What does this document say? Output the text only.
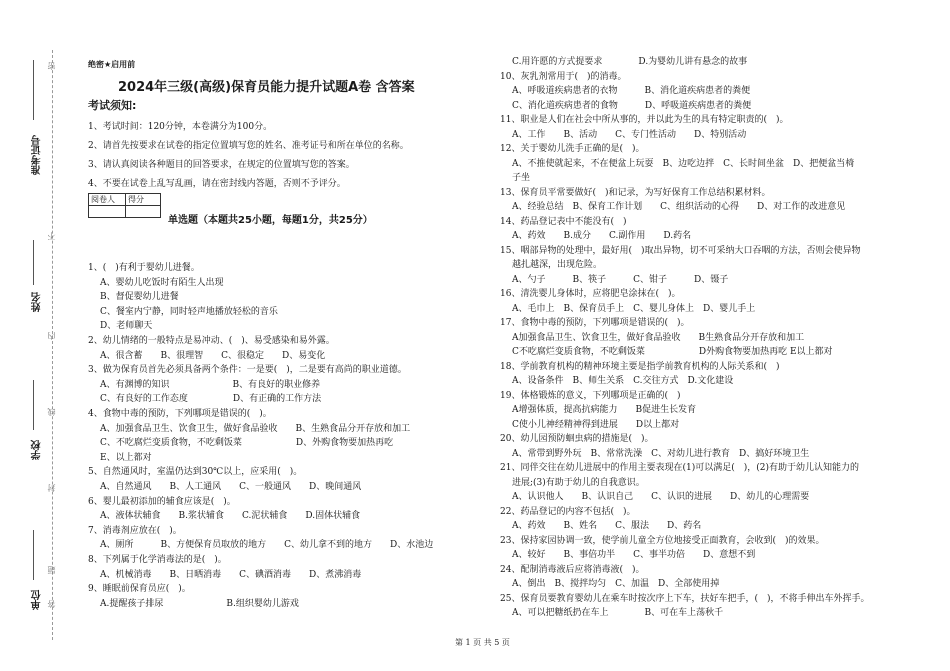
准考证号
姓名
学校
单位
密
不
内
线
封
题
答
绝密★启用前
2024年三级(高级)保育员能力提升试题A卷 含答案
考试须知:
1、考试时间：120分钟，本卷满分为100分。
2、请首先按要求在试卷的指定位置填写您的姓名、准考证号和所在单位的名称。
3、请认真阅读各种题目的回答要求，在规定的位置填写您的答案。
4、不要在试卷上乱写乱画，请在密封线内答题，否则不予评分。
阅卷人	得分

单选题（本题共25小题，每题1分，共25分）
1、(　)有利于婴幼儿进餐。
A、婴幼儿吃饭时有陌生人出现
B、督促婴幼儿进餐
C、餐室内宁静，同时轻声地播放轻松的音乐
D、老师聊天
2、幼儿情绪的一般特点是易冲动、(　)、易受感染和易外露。
A、很含蓄　　B、很理智　　C、很稳定　　D、易变化
3、做为保育员首先必须具备两个条件：一是要(　)，二是要有高尚的职业道德。
A、有渊博的知识　　　　　　　B、有良好的职业修养
C、有良好的工作态度　　　　　D、有正确的工作方法
4、食物中毒的预防，下列哪项是错误的(　)。
A、加强食品卫生、饮食卫生，做好食品验收　　B、生熟食品分开存放和加工
C、不吃腐烂变质食物，不吃剩饭菜　　　　　　D、外购食物要加热再吃
E、以上都对
5、自然通风时，室温仍达到30℃以上，应采用(　)。
A、自然通风　　B、人工通风　　C、一般通风　　D、晚间通风
6、婴儿最初添加的辅食应该是(　)。
A、液体状辅食　　B.浆状辅食　　C.泥状辅食　　D.固体状辅食
7、消毒剂应放在(　)。
A、厕所　　　B、方便保育员取放的地方　　C、幼儿拿不到的地方　　D、水池边
8、下列属于化学消毒法的是(　)。
A、机械消毒　　B、日晒消毒　　C、碘酒消毒　　D、煮沸消毒
9、睡眠前保育员应(　)。
A.提醒孩子排尿　　　　　　　B.组织婴幼儿游戏
C.用许愿的方式提要求　　　　D.为婴幼儿讲有悬念的故事
10、灰乳剂常用于(　)的消毒。
A、呼吸道疾病患者的衣物　　　B、消化道疾病患者的粪便
C、消化道疾病患者的食物　　　D、呼吸道疾病患者的粪便
11、职业是人们在社会中所从事的，并以此为生的具有特定职责的(　)。
A、工作　　B、活动　　C、专门性活动　　D、特别活动
12、关于婴幼儿洗手正确的是(　)。
A、不推使就起来，不在便盆上玩耍　B、边吃边拌　C、长时间坐盆　D、把便盆当椅
子坐
13、保育员平常要做好(　)和记录，为写好保育工作总结积累材料。
A、经验总结　B、保育工作计划　　C、组织活动的心得　　D、对工作的改进意见
14、药品登记表中不能没有(　)
A、药效　　B.成分　　C.副作用　　D.药名
15、咽部异物的处理中，最好用(　)取出异物，切不可采纳大口吞咽的方法，否则会使异物
越扎越深，出现危险。
A、勺子　　　B、筷子　　　C、钳子　　　D、镊子
16、清洗婴儿身体时，应将肥皂涂抹在(　)。
A、毛巾上　B、保育员手上　C、婴儿身体上　D、婴儿手上
17、食物中毒的预防，下列哪项是错误的(　)。
A加强食品卫生、饮食卫生，做好食品验收　　B生熟食品分开存放和加工
C不吃腐烂变质食物，不吃剩饭菜　　　　　　D外购食物要加热再吃 E以上都对
18、学前教育机构的精神环境主要是指学前教育机构的人际关系和(　)
A、设备条件　B、师生关系　C.交往方式　D.文化建设
19、体格锻炼的意义，下列哪项是正确的(　)
A增强体质，提高抗病能力　　B促进生长发育
C使小儿神经精神得到进展　　D以上都对
20、幼儿园预防蛔虫病的措施是(　)。
A、常带到野外玩　B、常常洗澡　C、对幼儿进行教育　D、搞好环境卫生
21、同伴交往在幼儿进展中的作用主要表现在(1)可以满足(　)，(2)有助于幼儿认知能力的
进展;(3)有助于幼儿的自我意识。
A、认识他人　　B、认识自己　　C、认识的进展　　D、幼儿的心理需要
22、药品登记的内容不包括(　)。
A、药效　　B、姓名　　C、服法　　D、药名
23、保持家园协调一致，使学前儿童全方位地接受正面教育，会收到(　)的效果。
A、较好　　B、事倍功半　　C、事半功倍　　D、意想不到
24、配制消毒液后应将消毒液(　)。
A、倒出　B、搅拌均匀　C、加温　D、全部使用掉
25、保育员要教育婴幼儿在乘车时按次序上下车，扶好车把手，(　)，不将手伸出车外挥手。
A、可以把糖纸扔在车上　　　　B、可在车上荡秋千
第 1 页 共 5 页
